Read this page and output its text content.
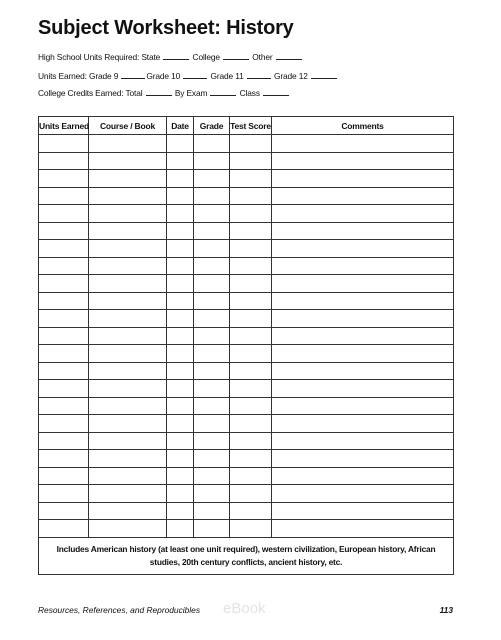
Subject Worksheet: History
High School Units Required: State	College	Other
Units Earned: Grade 9	Grade 10	Grade 11	Grade 12
College Credits Earned: Total	By Exam	Class
Units Earned	Course / Book	Date	Grade	Test Score	Comments

Includes American history (at least one unit required), western civilization, European history, African studies, 20th century conflicts, ancient history, etc.					
Resources, References, and Reproducibles eBook	113
